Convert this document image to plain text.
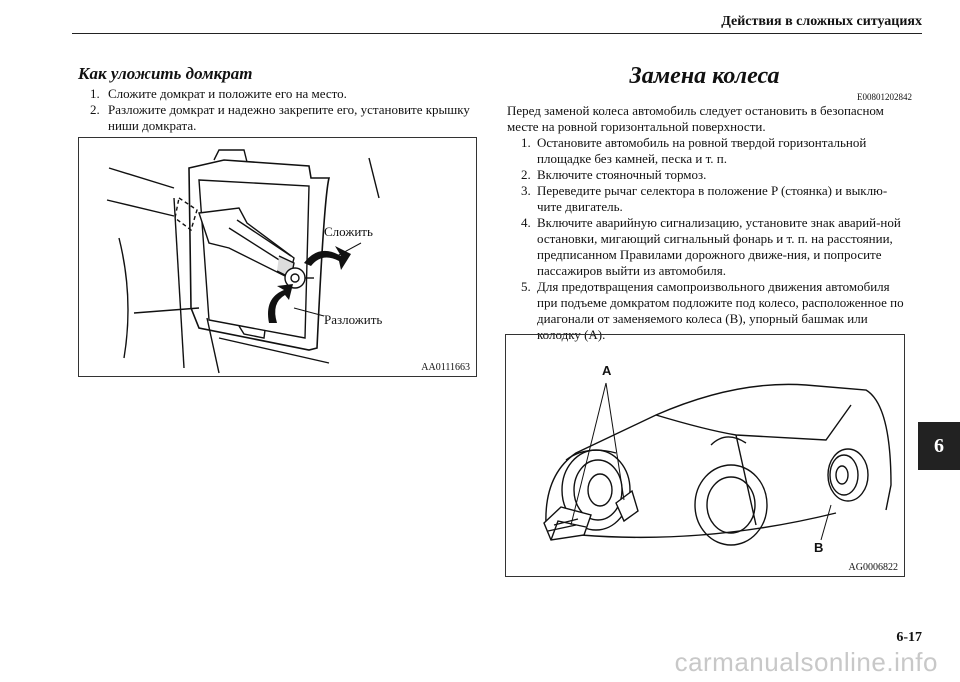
Действия в сложных ситуациях
Как уложить домкрат
1. Сложите домкрат и положите его на место.
2. Разложите домкрат и надежно закрепите его, установите крышку ниши домкрата.
Сложить
Разложить
AA0111663
Замена колеса

E00801202842

Перед заменой колеса автомобиль следует остановить в безопасном месте на ровной горизонтальной поверхности.

1. Остановите автомобиль на ровной твердой горизонтальной площадке без камней, песка и т. п.
2. Включите стояночный тормоз.
3. Переведите рычаг селектора в положение P (стоянка) и выклю-чите двигатель.
4. Включите аварийную сигнализацию, установите знак аварий-ной остановки, мигающий сигнальный фонарь и т. п. на расстоянии, предписанном Правилами дорожного движе-ния, и попросите пассажиров выйти из автомобиля.
5. Для предотвращения самопроизвольного движения автомобиля при подъеме домкратом подложите под колесо, расположенное по диагонали от заменяемого колеса (B), упорный башмак или колодку (A).
A
B
AG0006822
6
6-17
carmanualsonline.info
